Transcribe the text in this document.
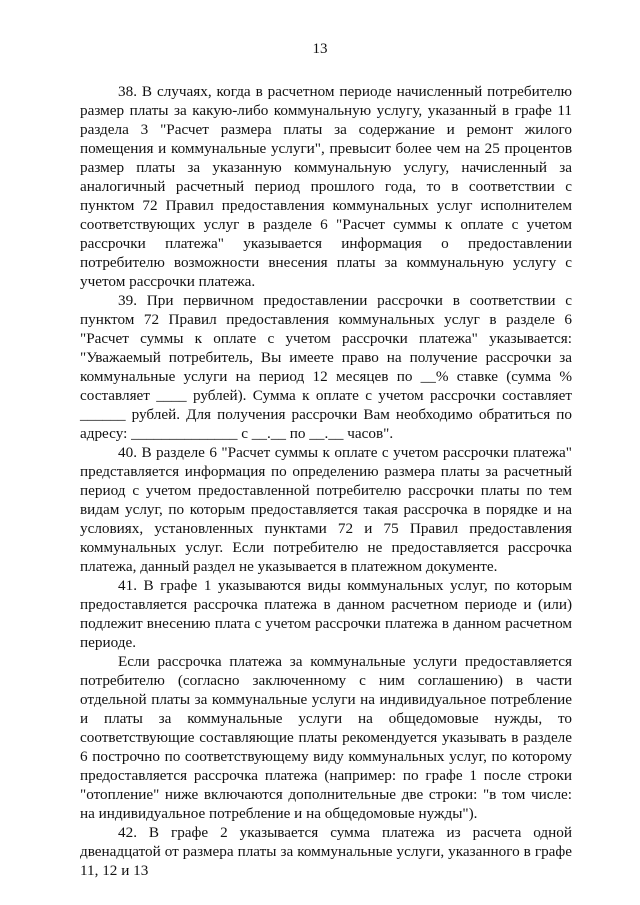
13

38. В случаях, когда в расчетном периоде начисленный потребителю размер платы за какую-либо коммунальную услугу, указанный в графе 11 раздела 3 "Расчет размера платы за содержание и ремонт жилого помещения и коммунальные услуги", превысит более чем на 25 процентов размер платы за указанную коммунальную услугу, начисленный за аналогичный расчетный период прошлого года, то в соответствии с пунктом 72 Правил предоставления коммунальных услуг исполнителем соответствующих услуг в разделе 6 "Расчет суммы к оплате с учетом рассрочки платежа" указывается информация о предоставлении потребителю возможности внесения платы за коммунальную услугу с учетом рассрочки платежа.

39. При первичном предоставлении рассрочки в соответствии с пунктом 72 Правил предоставления коммунальных услуг в разделе 6 "Расчет суммы к оплате с учетом рассрочки платежа" указывается: "Уважаемый потребитель, Вы имеете право на получение рассрочки за коммунальные услуги на период 12 месяцев по __% ставке (сумма % составляет ____ рублей). Сумма к оплате с учетом рассрочки составляет ______ рублей. Для получения рассрочки Вам необходимо обратиться по адресу: ______________ с __.__ по __.__ часов".

40. В разделе 6 "Расчет суммы к оплате с учетом рассрочки платежа" представляется информация по определению размера платы за расчетный период с учетом предоставленной потребителю рассрочки платы по тем видам услуг, по которым предоставляется такая рассрочка в порядке и на условиях, установленных пунктами 72 и 75 Правил предоставления коммунальных услуг. Если потребителю не предоставляется рассрочка платежа, данный раздел не указывается в платежном документе.

41. В графе 1 указываются виды коммунальных услуг, по которым предоставляется рассрочка платежа в данном расчетном периоде и (или) подлежит внесению плата с учетом рассрочки платежа в данном расчетном периоде.

Если рассрочка платежа за коммунальные услуги предоставляется потребителю (согласно заключенному с ним соглашению) в части отдельной платы за коммунальные услуги на индивидуальное потребление и платы за коммунальные услуги на общедомовые нужды, то соответствующие составляющие платы рекомендуется указывать в разделе 6 построчно по соответствующему виду коммунальных услуг, по которому предоставляется рассрочка платежа (например: по графе 1 после строки "отопление" ниже включаются дополнительные две строки: "в том числе: на индивидуальное потребление и на общедомовые нужды").

42. В графе 2 указывается сумма платежа из расчета одной двенадцатой от размера платы за коммунальные услуги, указанного в графе 11, 12 и 13
